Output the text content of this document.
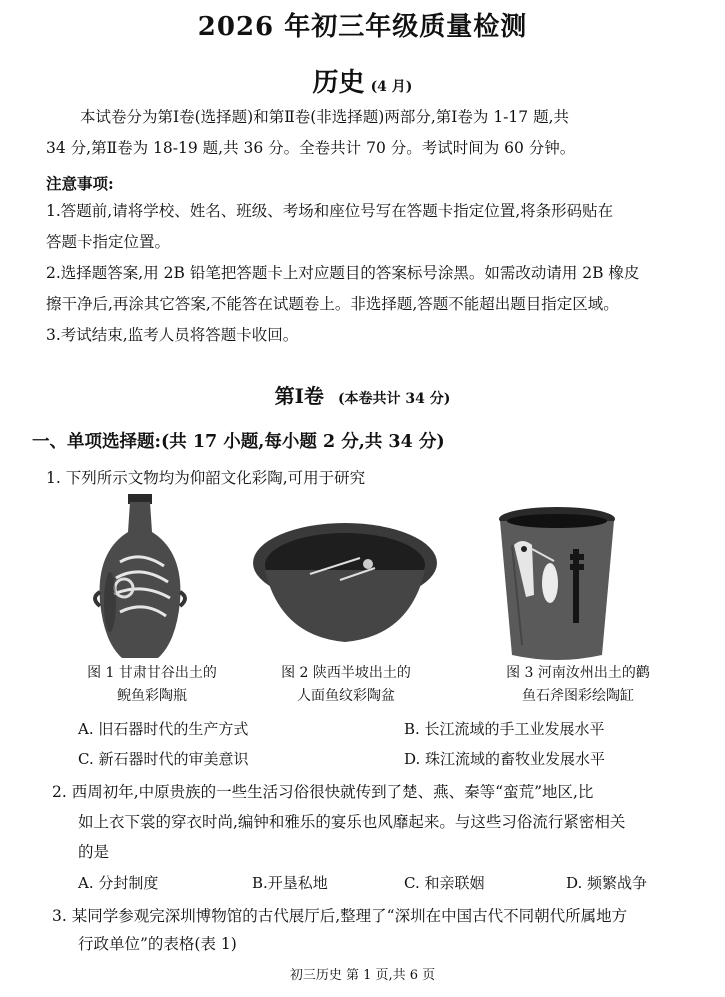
2026 年初三年级质量检测
历史 (4 月)
本试卷分为第Ⅰ卷(选择题)和第Ⅱ卷(非选择题)两部分,第Ⅰ卷为 1-17 题,共
34 分,第Ⅱ卷为 18-19 题,共 36 分。全卷共计 70 分。考试时间为 60 分钟。
注意事项:
1.答题前,请将学校、姓名、班级、考场和座位号写在答题卡指定位置,将条形码贴在
答题卡指定位置。
2.选择题答案,用 2B 铅笔把答题卡上对应题目的答案标号涂黑。如需改动请用 2B 橡皮
擦干净后,再涂其它答案,不能答在试题卷上。非选择题,答题不能超出题目指定区域。
3.考试结束,监考人员将答题卡收回。
第Ⅰ卷 (本卷共计 34 分)
一、单项选择题:(共 17 小题,每小题 2 分,共 34 分)
1. 下列所示文物均为仰韶文化彩陶,可用于研究
图 1 甘肃甘谷出土的
鲵鱼彩陶瓶
图 2 陕西半坡出土的
人面鱼纹彩陶盆
图 3 河南汝州出土的鹳
鱼石斧图彩绘陶缸
A. 旧石器时代的生产方式	B. 长江流域的手工业发展水平
C. 新石器时代的审美意识	D. 珠江流域的畜牧业发展水平
2. 西周初年,中原贵族的一些生活习俗很快就传到了楚、燕、秦等“蛮荒”地区,比
如上衣下裳的穿衣时尚,编钟和雅乐的宴乐也风靡起来。与这些习俗流行紧密相关
的是
A. 分封制度	B.开垦私地	C. 和亲联姻	D. 频繁战争
3. 某同学参观完深圳博物馆的古代展厅后,整理了“深圳在中国古代不同朝代所属地方
行政单位”的表格(表 1)
初三历史 第 1 页,共 6 页
